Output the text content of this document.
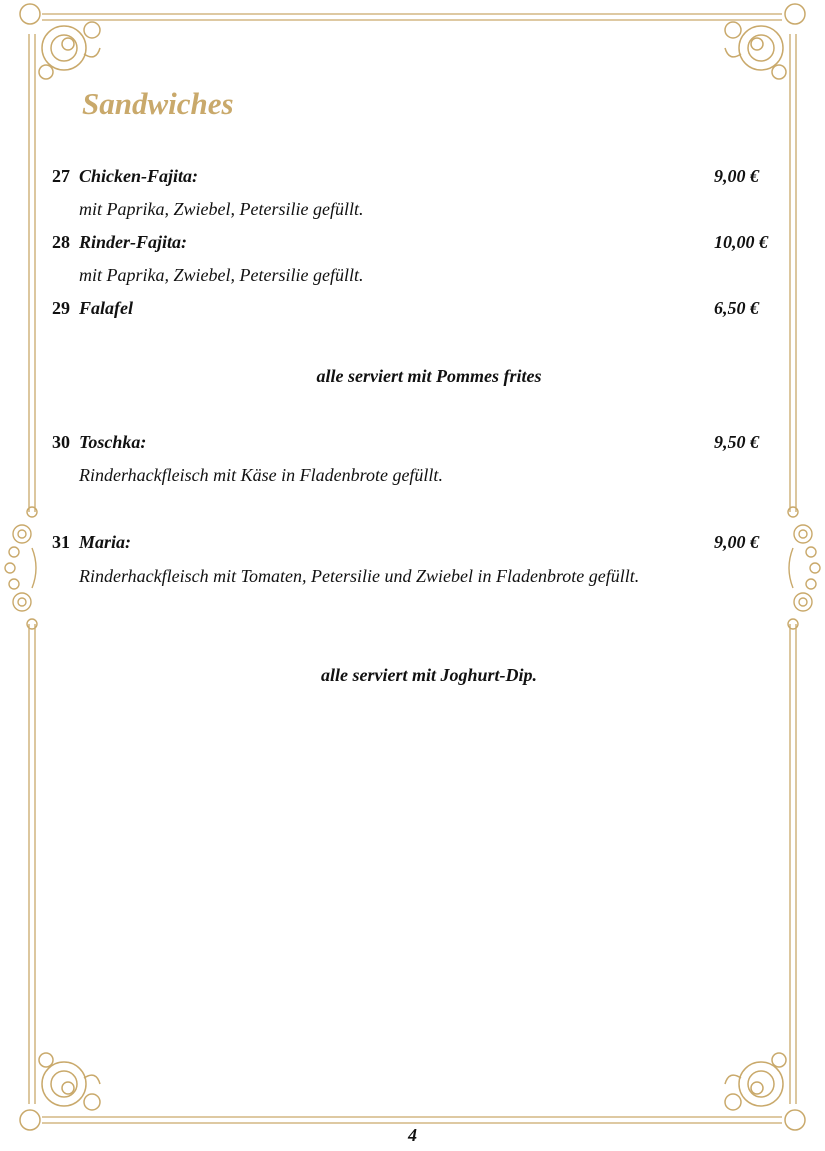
Sandwiches
27 Chicken-Fajita:	9,00 €
mit Paprika, Zwiebel, Petersilie gefüllt.
28 Rinder-Fajita:	10,00 €
mit Paprika, Zwiebel, Petersilie gefüllt.
29 Falafel	6,50 €
alle serviert mit Pommes frites
30 Toschka:	9,50 €
Rinderhackfleisch mit Käse in Fladenbrote gefüllt.
31 Maria:	9,00 €
Rinderhackfleisch mit Tomaten, Petersilie und Zwiebel in Fladenbrote gefüllt.
alle serviert mit Joghurt-Dip.
4
